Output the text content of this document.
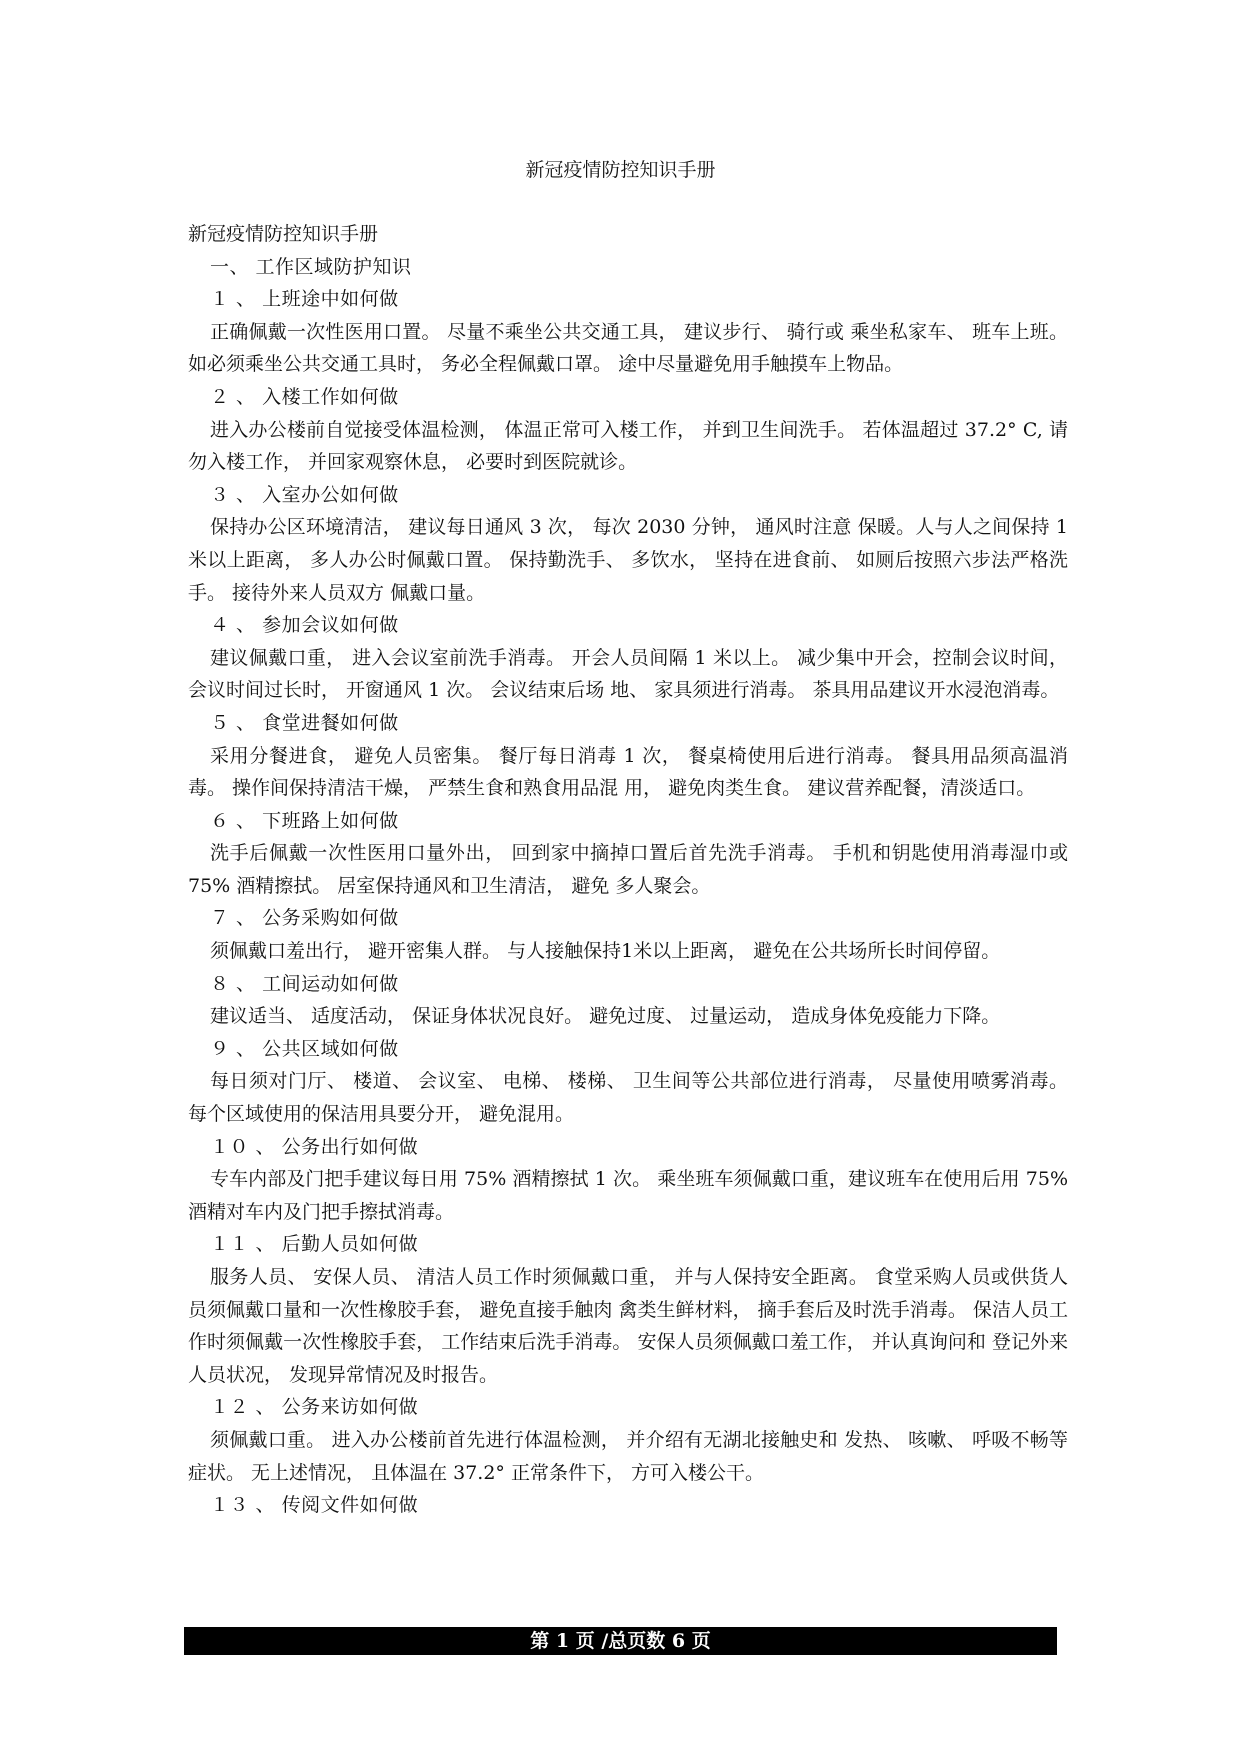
新冠疫情防控知识手册

新冠疫情防控知识手册

一、 工作区域防护知识

１ 、 上班途中如何做

正确佩戴一次性医用口置。 尽量不乘坐公共交通工具， 建议步行、 骑行或 乘坐私家车、 班车上班。 如必须乘坐公共交通工具时， 务必全程佩戴口罩。 途中尽量避免用手触摸车上物品。

２ 、 入楼工作如何做

进入办公楼前自觉接受体温检测， 体温正常可入楼工作， 并到卫生间洗手。 若体温超过 37.2° C, 请勿入楼工作， 并回家观察休息， 必要时到医院就诊。

３ 、 入室办公如何做

保持办公区环境清洁， 建议每日通风 3 次， 每次 2030 分钟， 通风时注意 保暖。人与人之间保持 1 米以上距离， 多人办公时佩戴口置。 保持勤洗手、 多饮水， 坚持在进食前、 如厕后按照六步法严格洗手。 接待外来人员双方 佩戴口量。

４ 、 参加会议如何做

建议佩戴口重， 进入会议室前洗手消毒。 开会人员间隔 1 米以上。 减少集中开会，控制会议时间， 会议时间过长时， 开窗通风 1 次。 会议结束后场 地、 家具须进行消毒。 茶具用品建议开水浸泡消毒。

５ 、 食堂进餐如何做

采用分餐进食， 避免人员密集。 餐厅每日消毒 1 次， 餐桌椅使用后进行消毒。 餐具用品须高温消毒。 操作间保持清洁干燥， 严禁生食和熟食用品混 用， 避免肉类生食。 建议营养配餐，清淡适口。

６ 、 下班路上如何做

洗手后佩戴一次性医用口量外出， 回到家中摘掉口置后首先洗手消毒。 手机和钥匙使用消毒湿巾或 75% 酒精擦拭。 居室保持通风和卫生清洁， 避免 多人聚会。

７ 、 公务采购如何做

须佩戴口羞出行， 避开密集人群。 与人接触保持1米以上距离， 避免在公共场所长时间停留。

８ 、 工间运动如何做

建议适当、 适度活动， 保证身体状况良好。 避免过度、 过量运动， 造成身体免疫能力下降。

９ 、 公共区域如何做

每日须对门厅、 楼道、 会议室、 电梯、 楼梯、 卫生间等公共部位进行消毒， 尽量使用喷雾消毒。 每个区域使用的保洁用具要分开， 避免混用。

１０ 、 公务出行如何做

专车内部及门把手建议每日用 75% 酒精擦拭 1 次。 乘坐班车须佩戴口重，建议班车在使用后用 75% 酒精对车内及门把手擦拭消毒。

１１ 、 后勤人员如何做

服务人员、 安保人员、 清洁人员工作时须佩戴口重， 并与人保持安全距离。 食堂采购人员或供货人员须佩戴口量和一次性橡胶手套， 避免直接手触肉 禽类生鲜材料， 摘手套后及时洗手消毒。 保洁人员工作时须佩戴一次性橡胶手套， 工作结束后洗手消毒。 安保人员须佩戴口羞工作， 并认真询问和 登记外来人员状况， 发现异常情况及时报告。

１２ 、 公务来访如何做

须佩戴口重。 进入办公楼前首先进行体温检测， 并介绍有无湖北接触史和 发热、 咳嗽、 呼吸不畅等症状。 无上述情况， 且体温在 37.2° 正常条件下， 方可入楼公干。

１３ 、 传阅文件如何做

第 1 页 /总页数 6 页
